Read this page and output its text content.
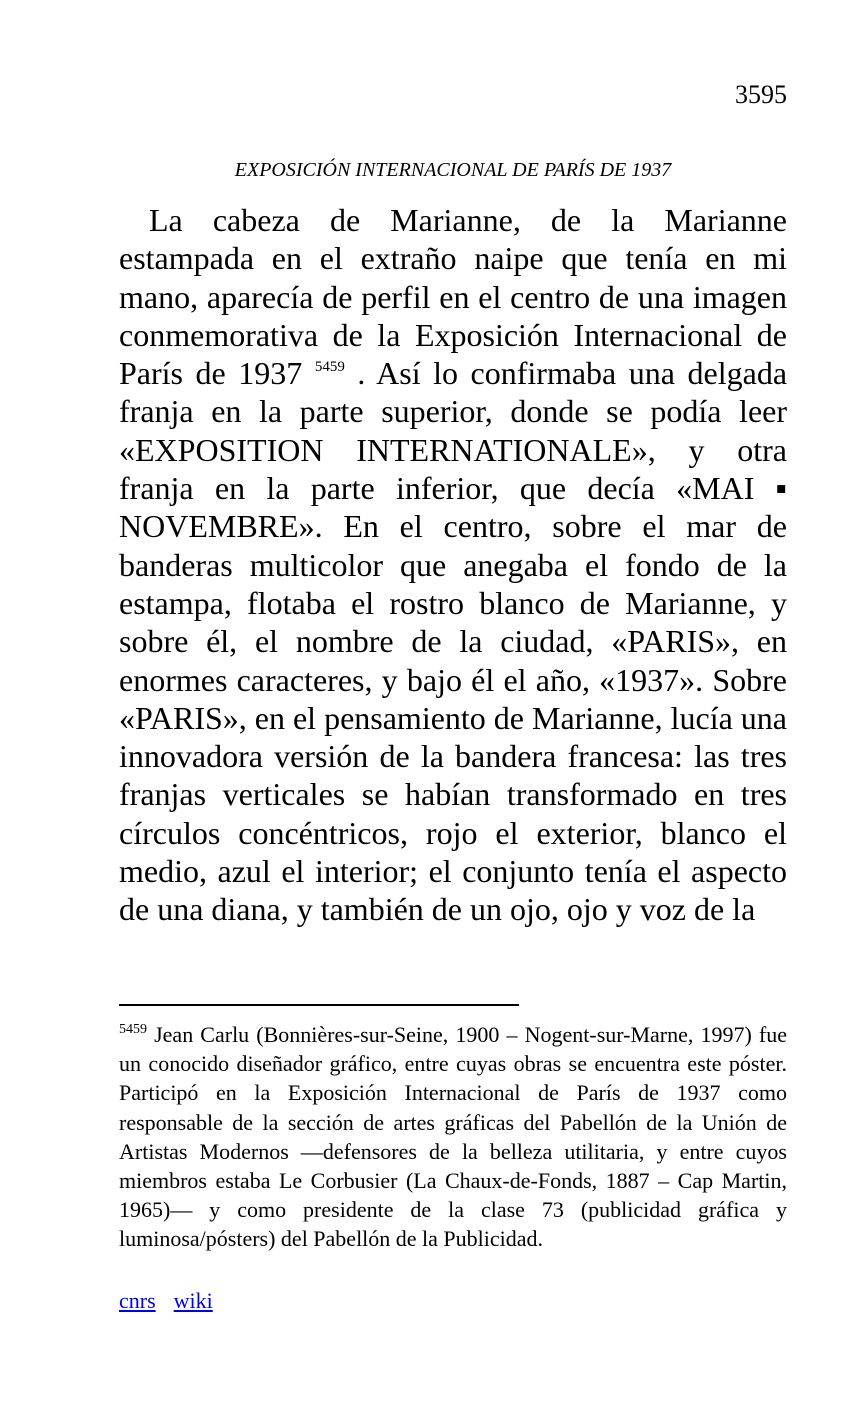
3595
EXPOSICIÓN INTERNACIONAL DE PARÍS DE 1937

La cabeza de Marianne, de la Marianne estampada en el extraño naipe que tenía en mi mano, aparecía de perfil en el centro de una imagen conmemorativa de la Exposición Internacional de París de 1937 $^{5459}$ . Así lo confirmaba una delgada franja en la parte superior, donde se podía leer «EXPOSITION INTERNATIONALE», y otra franja en la parte inferior, que decía «MAI ▪ NOVEMBRE». En el centro, sobre el mar de banderas multicolor que anegaba el fondo de la estampa, flotaba el rostro blanco de Marianne, y sobre él, el nombre de la ciudad, «PARIS», en enormes caracteres, y bajo él el año, «1937». Sobre «PARIS», en el pensamiento de Marianne, lucía una innovadora versión de la bandera francesa: las tres franjas verticales se habían transformado en tres círculos concéntricos, rojo el exterior, blanco el medio, azul el interior; el conjunto tenía el aspecto de una diana, y también de un ojo, ojo y voz de la

$^{5459}$ Jean Carlu (Bonnières-sur-Seine, 1900 – Nogent-sur-Marne, 1997) fue un conocido diseñador gráfico, entre cuyas obras se encuentra este póster. Participó en la Exposición Internacional de París de 1937 como responsable de la sección de artes gráficas del Pabellón de la Unión de Artistas Modernos ―defensores de la belleza utilitaria, y entre cuyos miembros estaba Le Corbusier (La Chaux-de-Fonds, 1887 – Cap Martin, 1965)― y como presidente de la clase 73 (publicidad gráfica y luminosa/pósters) del Pabellón de la Publicidad.

cnrs wiki
